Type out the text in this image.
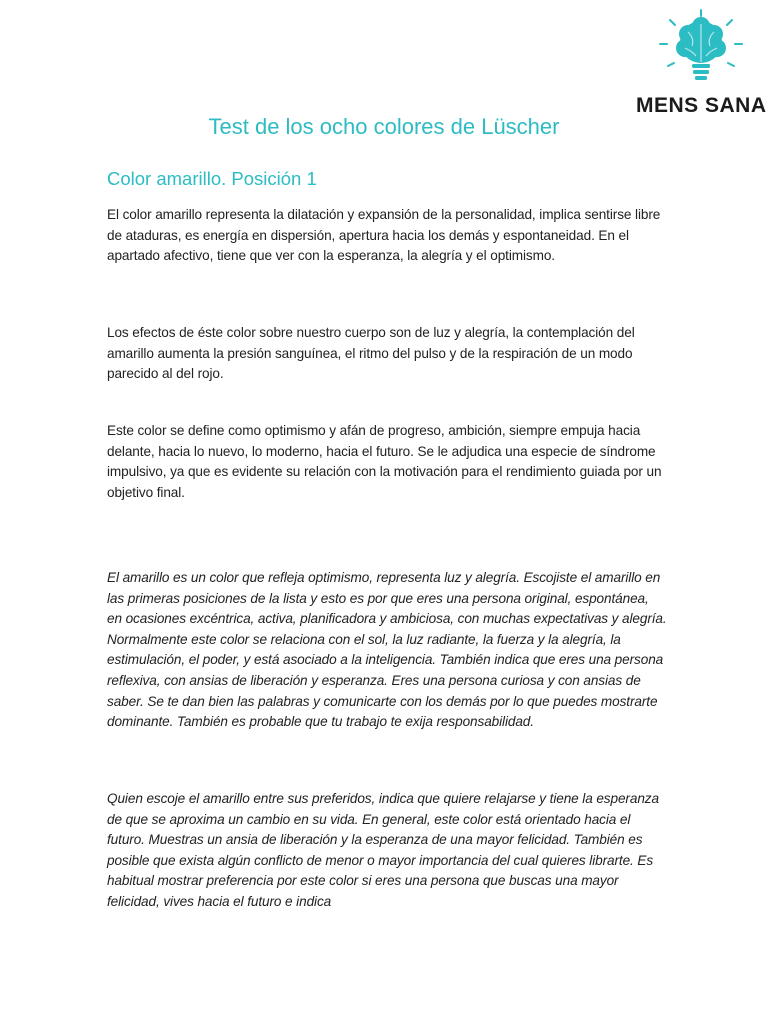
MENS SANA
Test de los ocho colores de Lüscher
Color amarillo. Posición 1

El color amarillo representa la dilatación y expansión de la personalidad, implica sentirse libre de ataduras, es energía en dispersión, apertura hacia los demás y espontaneidad. En el apartado afectivo, tiene que ver con la esperanza, la alegría y el optimismo.

Los efectos de éste color sobre nuestro cuerpo son de luz y alegría, la contemplación del amarillo aumenta la presión sanguínea, el ritmo del pulso y de la respiración de un modo parecido al del rojo.

Este color se define como optimismo y afán de progreso, ambición, siempre empuja hacia delante, hacia lo nuevo, lo moderno, hacia el futuro. Se le adjudica una especie de síndrome impulsivo, ya que es evidente su relación con la motivación para el rendimiento guiada por un objetivo final.

El amarillo es un color que refleja optimismo, representa luz y alegría. Escojiste el amarillo en las primeras posiciones de la lista y esto es por que eres una persona original, espontánea, en ocasiones excéntrica, activa, planificadora y ambiciosa, con muchas expectativas y alegría. Normalmente este color se relaciona con el sol, la luz radiante, la fuerza y la alegría, la estimulación, el poder, y está asociado a la inteligencia. También indica que eres una persona reflexiva, con ansias de liberación y esperanza. Eres una persona curiosa y con ansias de saber. Se te dan bien las palabras y comunicarte con los demás por lo que puedes mostrarte dominante. También es probable que tu trabajo te exija responsabilidad.

Quien escoje el amarillo entre sus preferidos, indica que quiere relajarse y tiene la esperanza de que se aproxima un cambio en su vida. En general, este color está orientado hacia el futuro. Muestras un ansia de liberación y la esperanza de una mayor felicidad. También es posible que exista algún conflicto de menor o mayor importancia del cual quieres librarte. Es habitual mostrar preferencia por este color si eres una persona que buscas una mayor felicidad, vives hacia el futuro e indica
